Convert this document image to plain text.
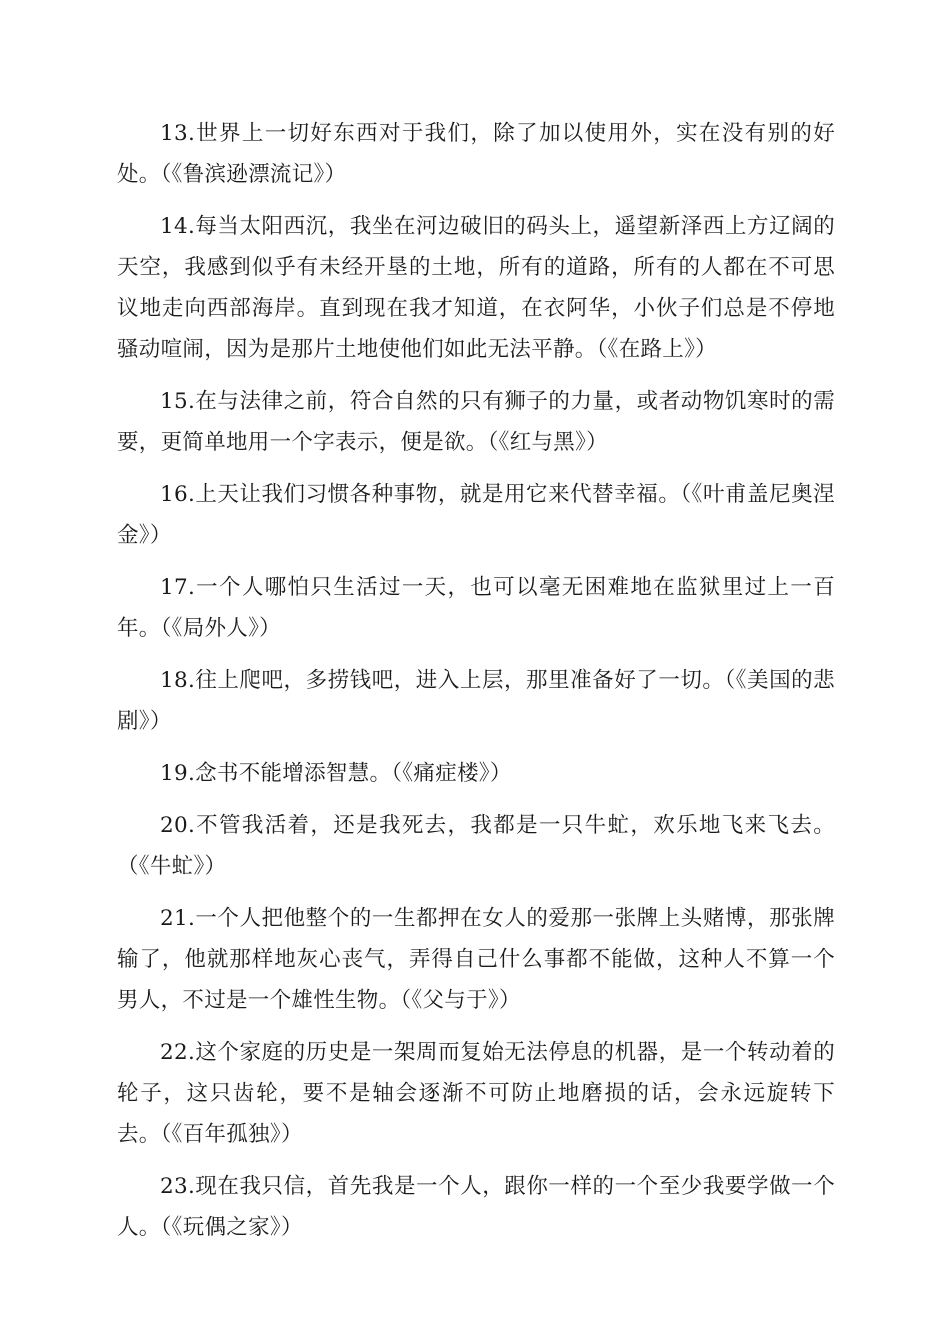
13.世界上一切好东西对于我们，除了加以使用外，实在没有别的好处。（《鲁滨逊漂流记》）

14.每当太阳西沉，我坐在河边破旧的码头上，遥望新泽西上方辽阔的天空，我感到似乎有未经开垦的土地，所有的道路，所有的人都在不可思议地走向西部海岸。直到现在我才知道，在衣阿华，小伙子们总是不停地骚动喧闹，因为是那片土地使他们如此无法平静。（《在路上》）

15.在与法律之前，符合自然的只有狮子的力量，或者动物饥寒时的需要，更简单地用一个字表示，便是欲。（《红与黑》）

16.上天让我们习惯各种事物，就是用它来代替幸福。（《叶甫盖尼奥涅金》）

17.一个人哪怕只生活过一天，也可以毫无困难地在监狱里过上一百年。（《局外人》）

18.往上爬吧，多捞钱吧，进入上层，那里准备好了一切。（《美国的悲剧》）

19.念书不能增添智慧。（《痛症楼》）

20.不管我活着，还是我死去，我都是一只牛虻，欢乐地飞来飞去。（《牛虻》）

21.一个人把他整个的一生都押在女人的爱那一张牌上头赌博，那张牌输了，他就那样地灰心丧气，弄得自己什么事都不能做，这种人不算一个男人，不过是一个雄性生物。（《父与于》）

22.这个家庭的历史是一架周而复始无法停息的机器，是一个转动着的轮子，这只齿轮，要不是轴会逐渐不可防止地磨损的话，会永远旋转下去。（《百年孤独》）

23.现在我只信，首先我是一个人，跟你一样的一个至少我要学做一个人。（《玩偶之家》）
